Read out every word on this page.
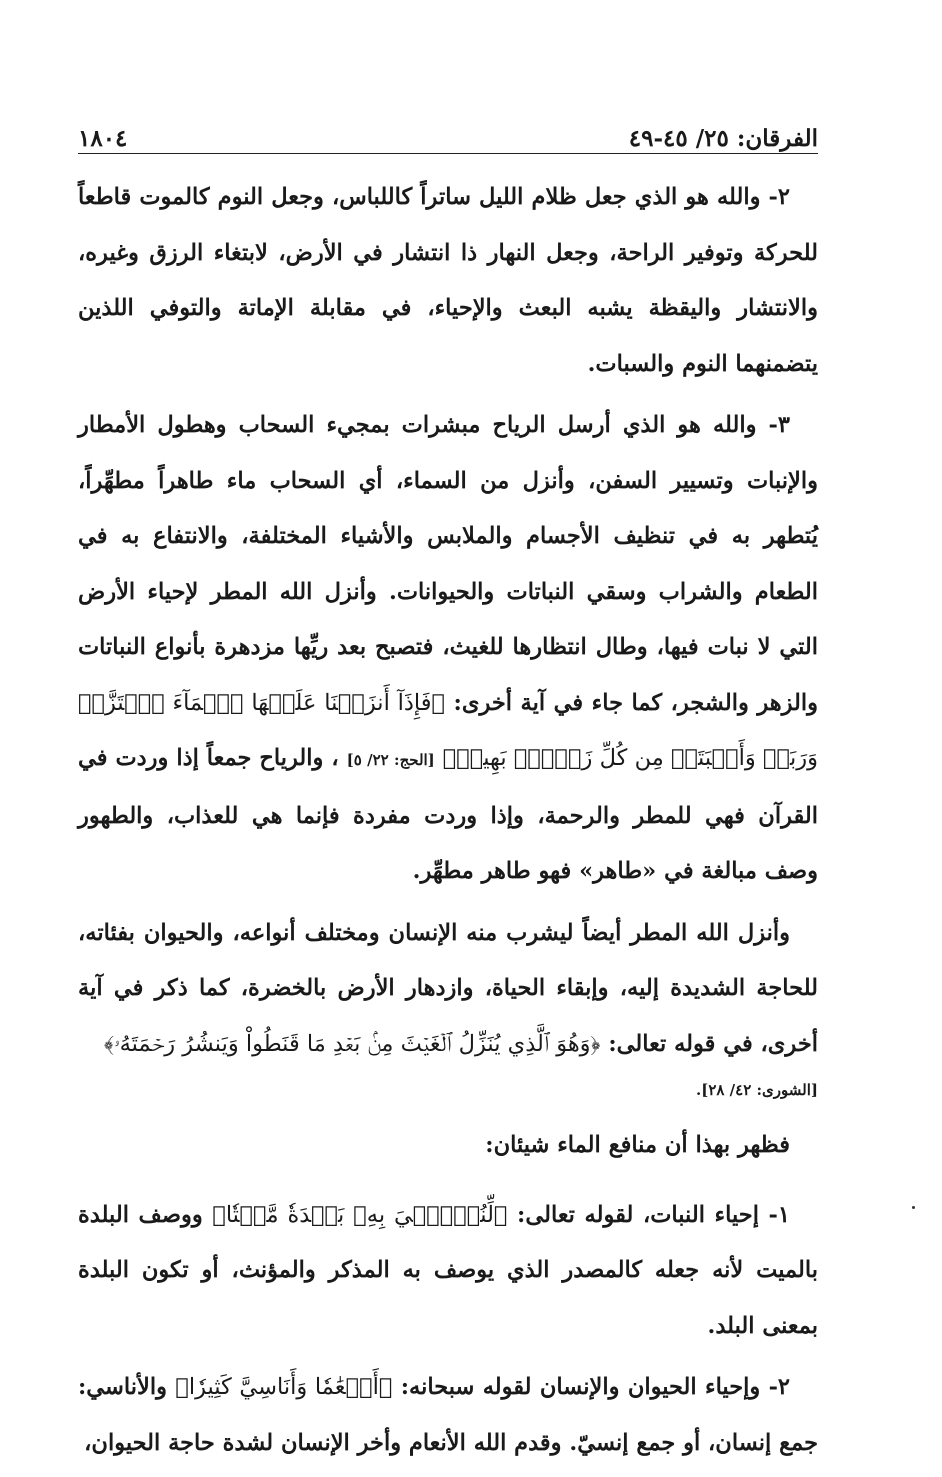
الفرقان: ٢٥/ ٤٥-٤٩
١٨٠٤

٢- والله هو الذي جعل ظلام الليل ساتراً كاللباس، وجعل النوم كالموت قاطعاً للحركة وتوفير الراحة، وجعل النهار ذا انتشار في الأرض، لابتغاء الرزق وغيره، والانتشار واليقظة يشبه البعث والإحياء، في مقابلة الإماتة والتوفي اللذين يتضمنهما النوم والسبات.

٣- والله هو الذي أرسل الرياح مبشرات بمجيء السحاب وهطول الأمطار والإنبات وتسيير السفن، وأنزل من السماء، أي السحاب ماء طاهراً مطهِّراً، يُتطهر به في تنظيف الأجسام والملابس والأشياء المختلفة، والانتفاع به في الطعام والشراب وسقي النباتات والحيوانات. وأنزل الله المطر لإحياء الأرض التي لا نبات فيها، وطال انتظارها للغيث، فتصبح بعد ريِّها مزدهرة بأنواع النباتات والزهر والشجر، كما جاء في آية أخرى: ﴿فَإِذَآ أَنزَلۡنَا عَلَيۡهَا ٱلۡمَآءَ ٱهۡتَزَّتۡ وَرَبَتۡ وَأَنۢبَتَتۡ مِن كُلِّ زَوۡجِۭ بَهِيجٖ﴾ [الحج: ٢٢/ ٥] ، والرياح جمعاً إذا وردت في القرآن فهي للمطر والرحمة، وإذا وردت مفردة فإنما هي للعذاب، والطهور وصف مبالغة في «طاهر» فهو طاهر مطهِّر.

وأنزل الله المطر أيضاً ليشرب منه الإنسان ومختلف أنواعه، والحيوان بفئاته، للحاجة الشديدة إليه، وإبقاء الحياة، وازدهار الأرض بالخضرة، كما ذكر في آية أخرى، في قوله تعالى: ﴿وَهُوَ ٱلَّذِي يُنَزِّلُ ٱلۡغَيۡثَ مِنۢ بَعۡدِ مَا قَنَطُواْ وَيَنشُرُ رَحۡمَتَهُۥ﴾

[الشورى: ٤٢/ ٢٨].

فظهر بهذا أن منافع الماء شيئان:

١- إحياء النبات، لقوله تعالى: ﴿لِّنُحۡـِۧيَ بِهِۦ بَلۡدَةٗ مَّيۡتٗا﴾ ووصف البلدة بالميت لأنه جعله كالمصدر الذي يوصف به المذكر والمؤنث، أو تكون البلدة بمعنى البلد.

٢- وإحياء الحيوان والإنسان لقوله سبحانه: ﴿أَنۡعَٰمٗا وَأَنَاسِيَّ كَثِيرٗا﴾ والأناسي: جمع إنسان، أو جمع إنسيّ. وقدم الله الأنعام وأخر الإنسان لشدة حاجة الحيوان،
